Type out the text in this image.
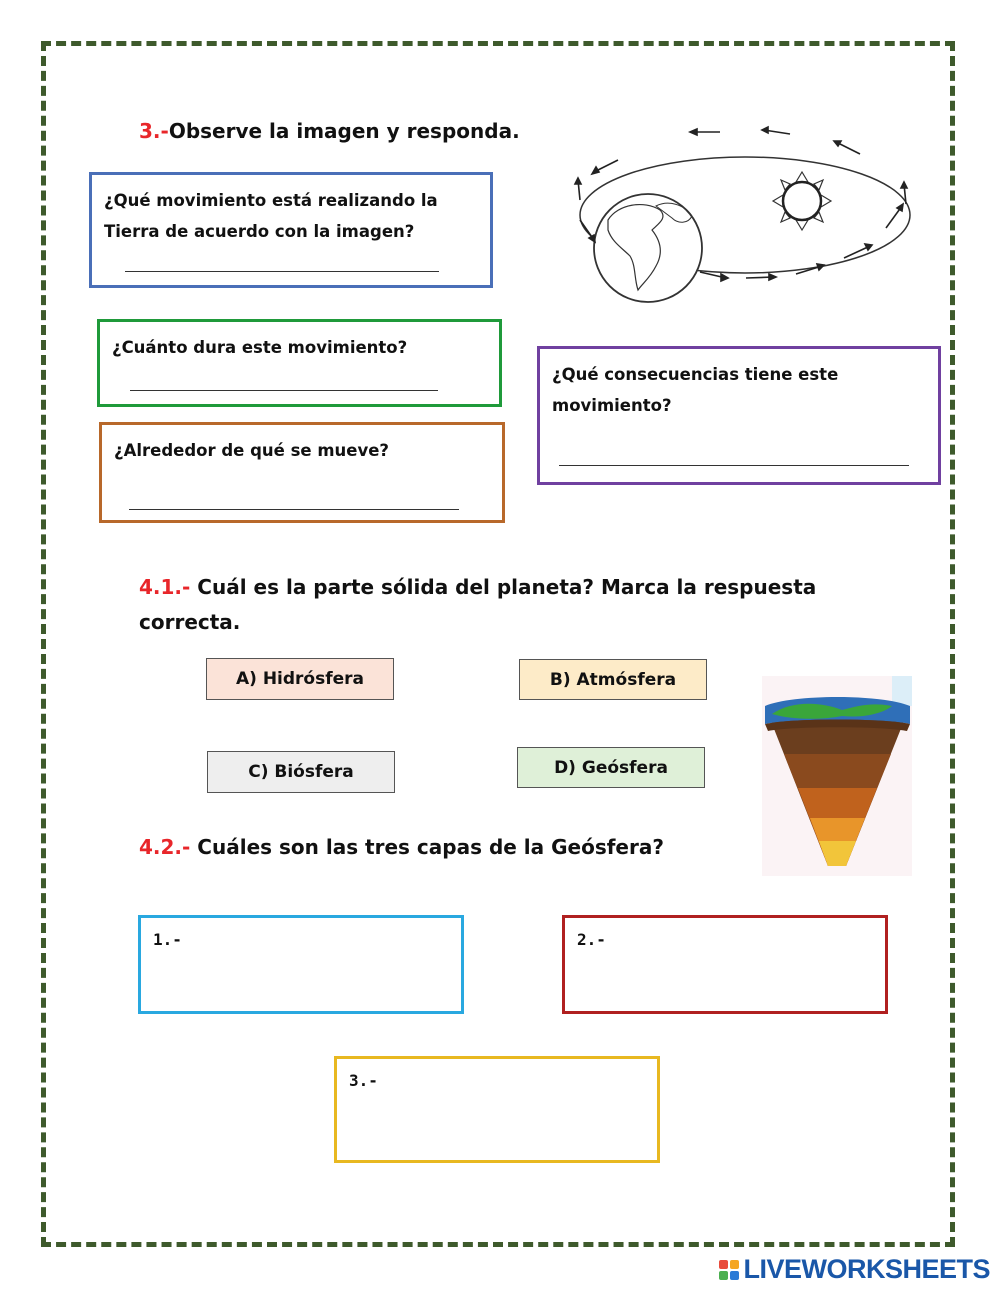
3.-Observe la imagen y responda.
¿Qué movimiento está realizando la
Tierra de acuerdo con la imagen?
¿Cuánto dura este movimiento?
¿Alrededor de qué se mueve?
¿Qué consecuencias tiene este
movimiento?
4.1.- Cuál es la parte sólida del planeta? Marca la respuesta
correcta.
A) Hidrósfera	B) Atmósfera
C) Biósfera	D) Geósfera
4.2.- Cuáles son las tres capas de la Geósfera?
1.-	2.-
3.-
LIVEWORKSHEETS
